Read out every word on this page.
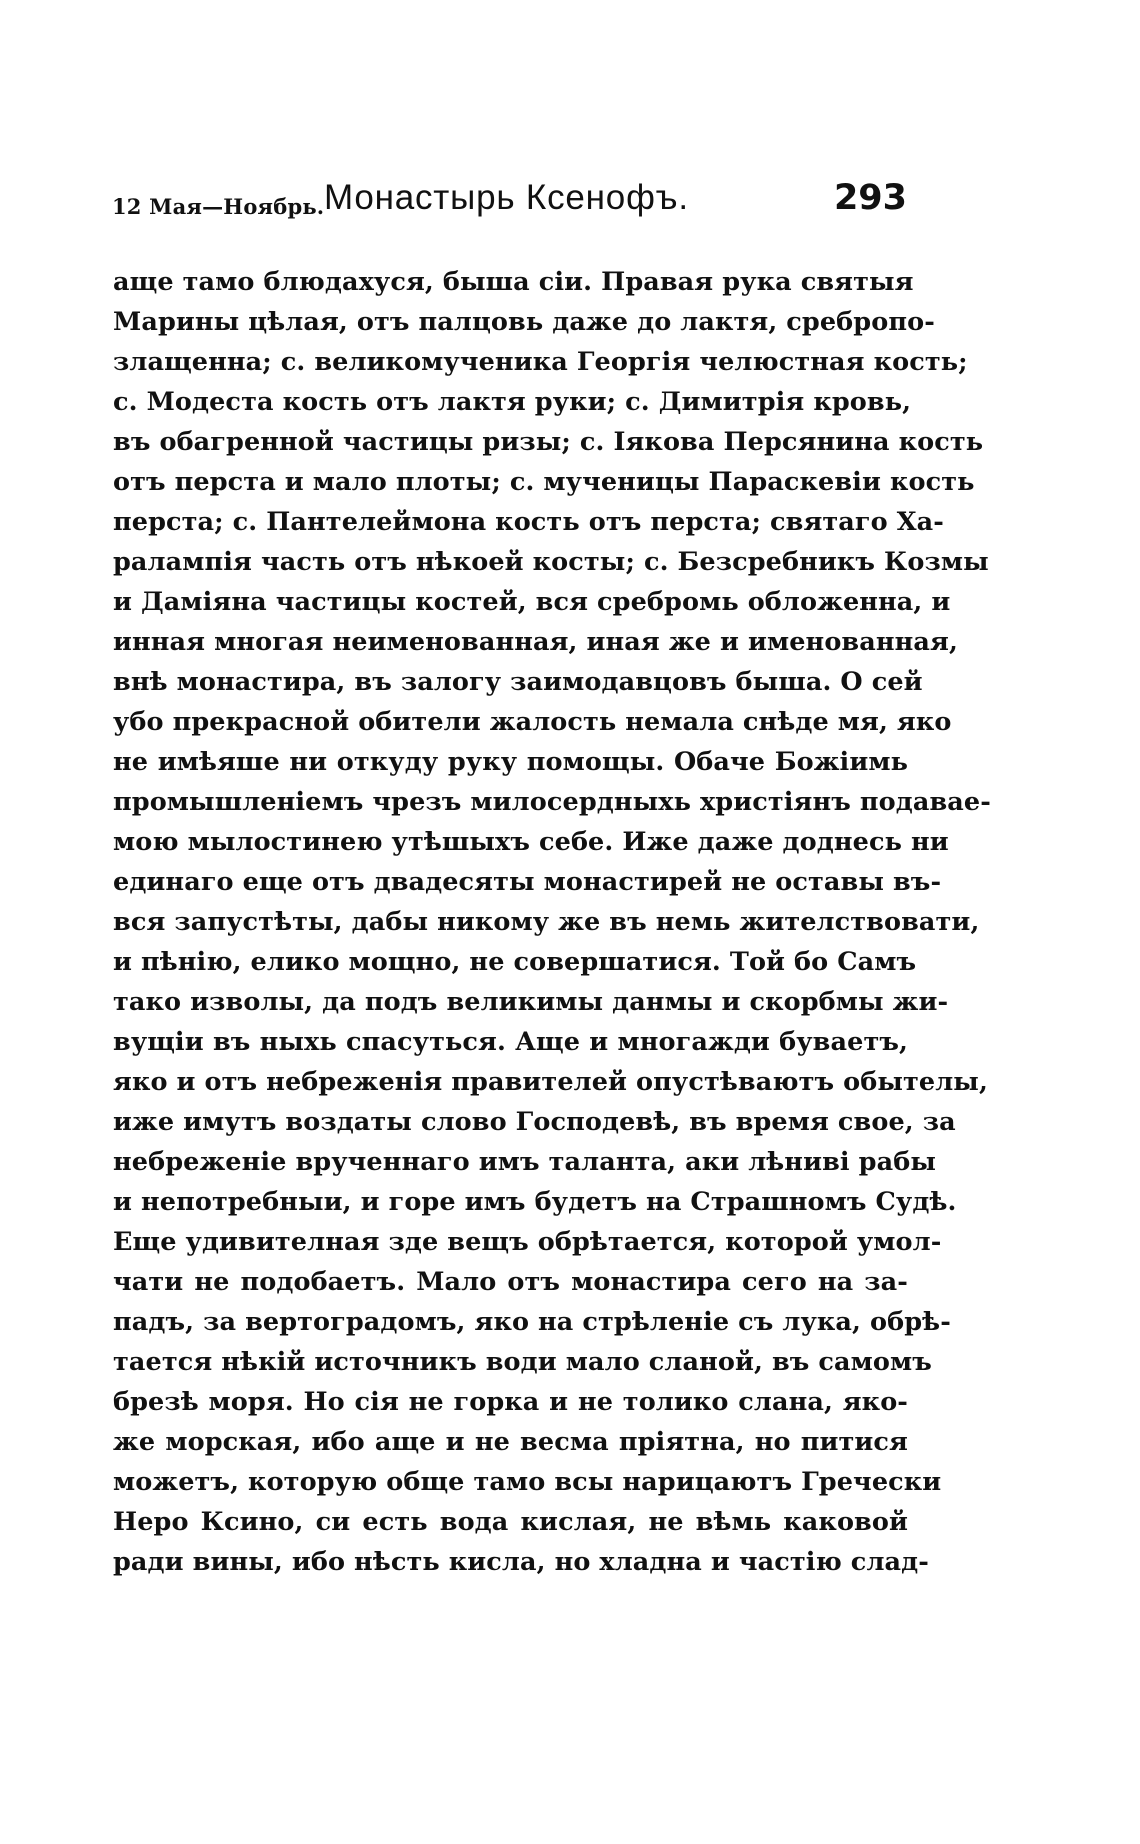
12 Мая—Ноябрь. Монастырь Ксенофъ.	293
аще тамо блюдахуся, быша сіи. Правая рука святыя
Марины цѣлая, отъ палцовь даже до лактя, сребропо-
злащенна; с. великомученика Георгія челюстная кость;
с. Модеста кость отъ лактя руки; с. Димитрія кровь,
въ обагренной частицы ризы; с. Іякова Персянина кость
отъ перста и мало плоты; с. мученицы Параскевіи кость
перста; с. Пантелеймона кость отъ перста; святаго Ха-
ралампія часть отъ нѣкоей косты; с. Безсребникъ Козмы
и Даміяна частицы костей, вся сребромь обложенна, и
инная многая неименованная, иная же и именованная,
внѣ монастира, въ залогу заимодавцовъ быша. О сей
убо прекрасной обители жалость немала снѣде мя, яко
не имѣяше ни откуду руку помощы. Обаче Божіимь
промышленіемъ чрезъ милосердныхь христіянъ подавае-
мою мылостинею утѣшыхъ себе. Иже даже доднесь ни
единаго еще отъ двадесяты монастирей не оставы въ-
вся запустѣты, дабы никому же въ немь жителствовати,
и пѣнію, елико мощно, не совершатися. Той бо Самъ
тако изволы, да подъ великимы данмы и скорбмы жи-
вущіи въ ныхь спасуться. Аще и многажди буваетъ,
яко и отъ небреженія правителей опустѣваютъ обытелы,
иже имутъ воздаты слово Господевѣ, въ время свое, за
небреженіе врученнаго имъ таланта, аки лѣниві рабы
и непотребныи, и горе имъ будетъ на Страшномъ Судѣ.
Еще удивителная зде вещъ обрѣтается, которой умол-
чати не подобаетъ. Мало отъ монастира сего на за-
падъ, за вертоградомъ, яко на стрѣленіе съ лука, обрѣ-
тается нѣкій источникъ води мало сланой, въ самомъ
брезѣ моря. Но сія не горка и не толико слана, яко-
же морская, ибо аще и не весма пріятна, но питися
можетъ, которую обще тамо всы нарицаютъ Гречески
Неро Ксино, си есть вода кислая, не вѣмь каковой
ради вины, ибо нѣсть кисла, но хладна и частію слад-
